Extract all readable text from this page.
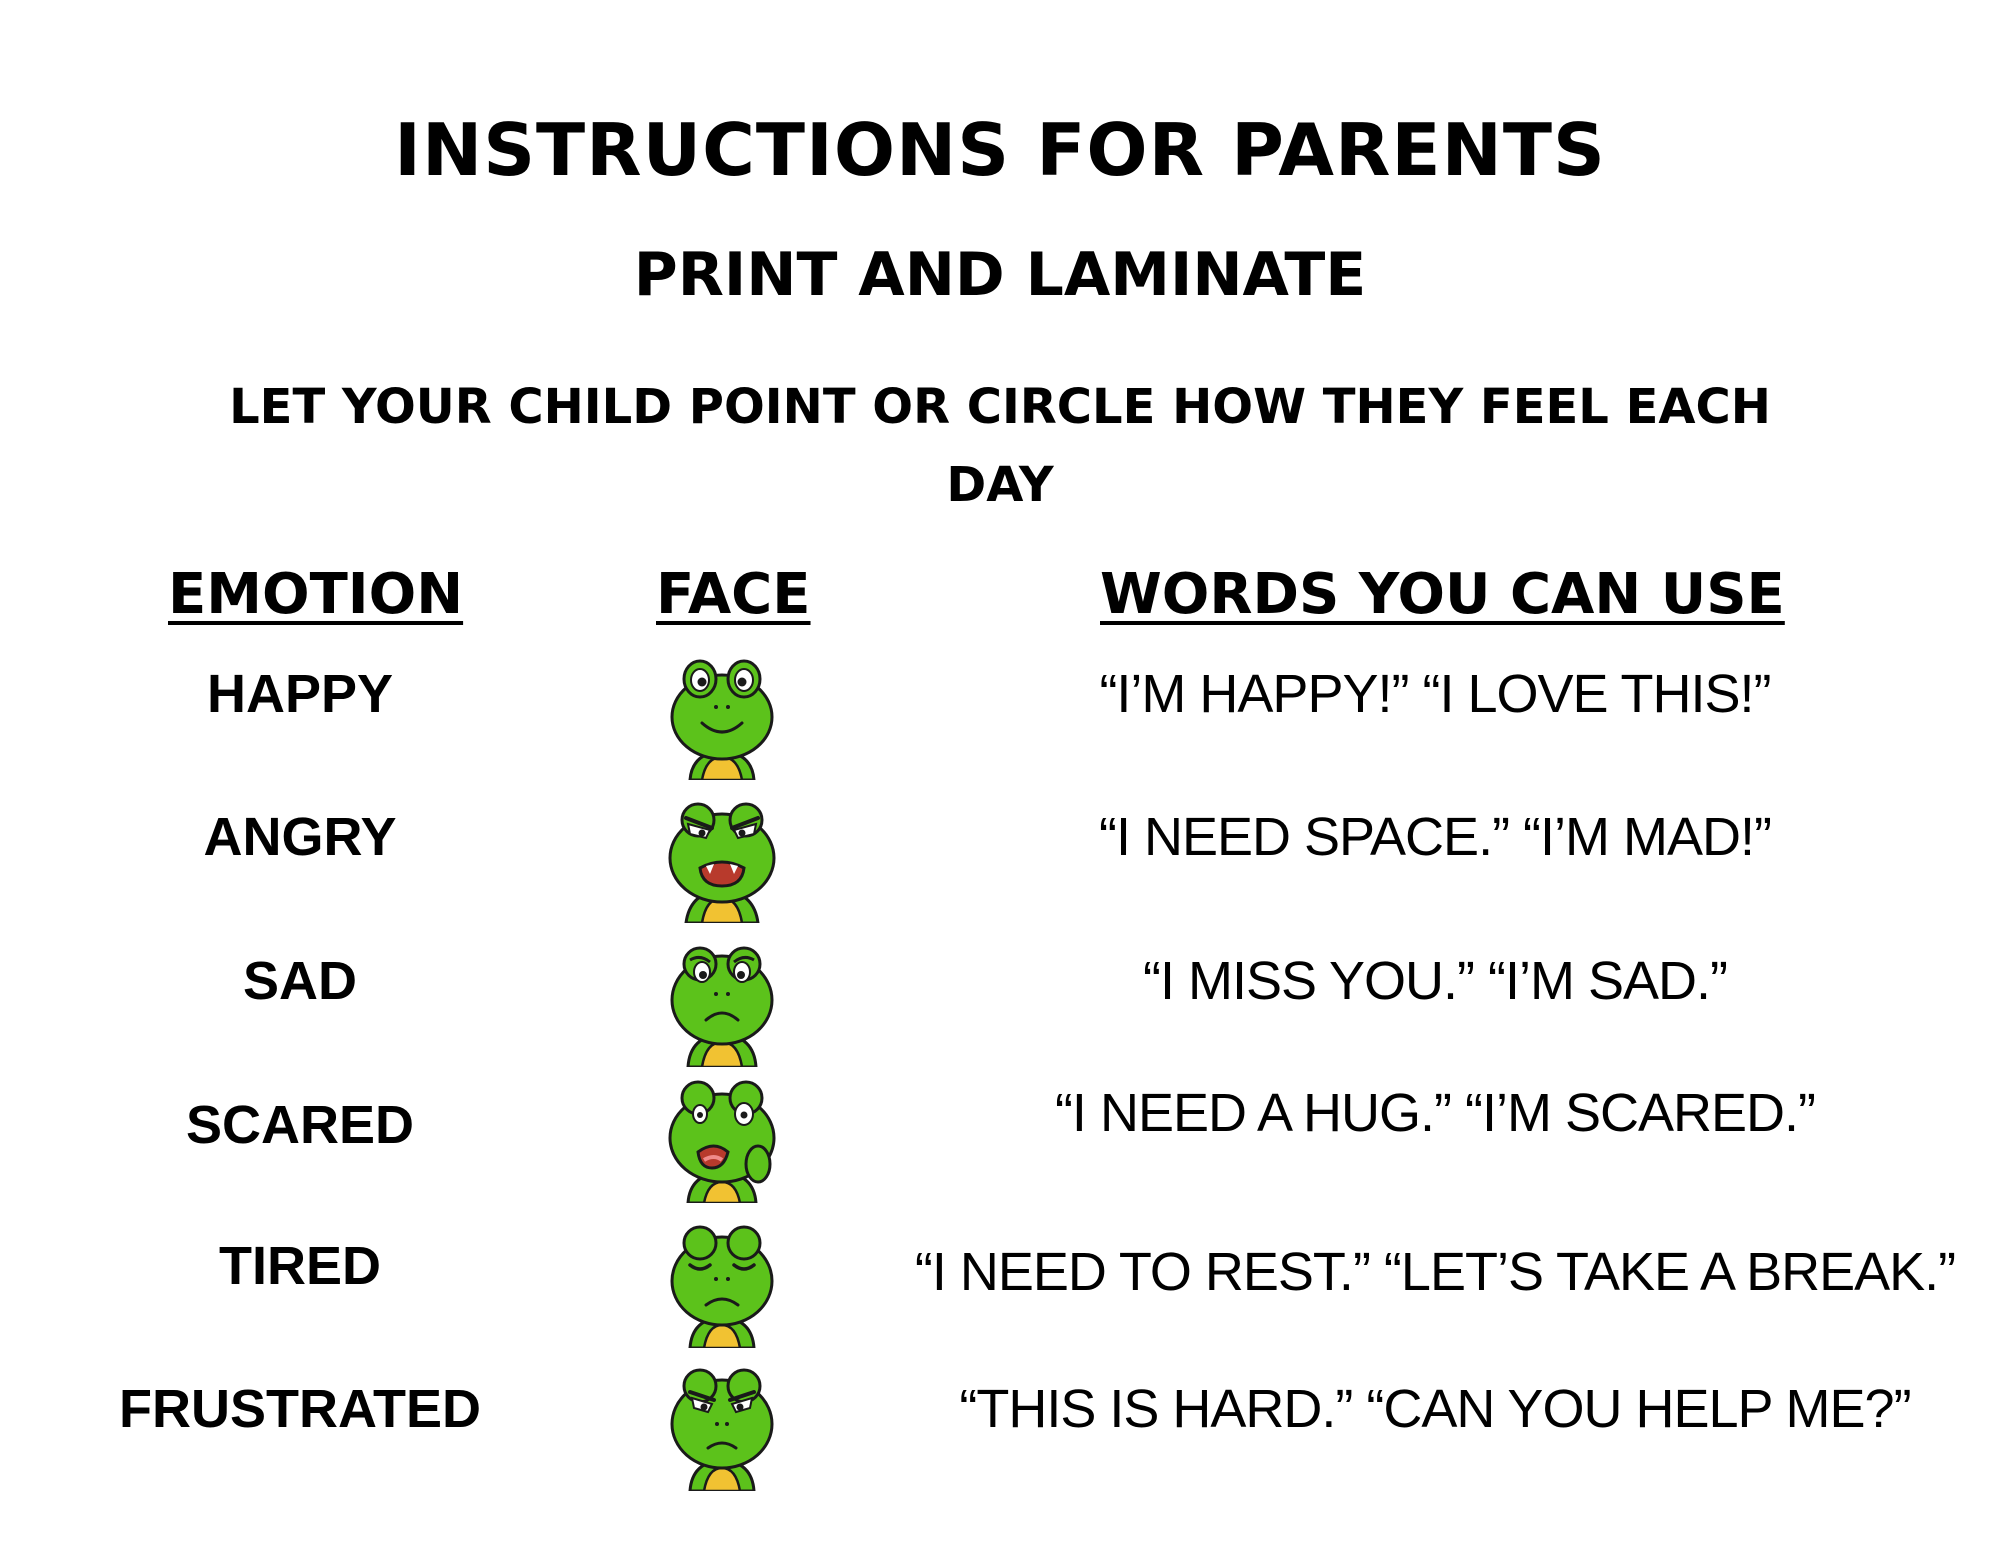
INSTRUCTIONS FOR PARENTS
PRINT AND LAMINATE
LET YOUR CHILD POINT OR CIRCLE HOW THEY FEEL EACH
DAY
EMOTION	FACE	WORDS YOU CAN USE
HAPPY	“I’M HAPPY!” “I LOVE THIS!”
ANGRY	“I NEED SPACE.” “I’M MAD!”
SAD	“I MISS YOU.” “I’M SAD.”
SCARED	“I NEED A HUG.” “I’M SCARED.”
TIRED	“I NEED TO REST.” “LET’S TAKE A BREAK.”
FRUSTRATED	“THIS IS HARD.” “CAN YOU HELP ME?”
